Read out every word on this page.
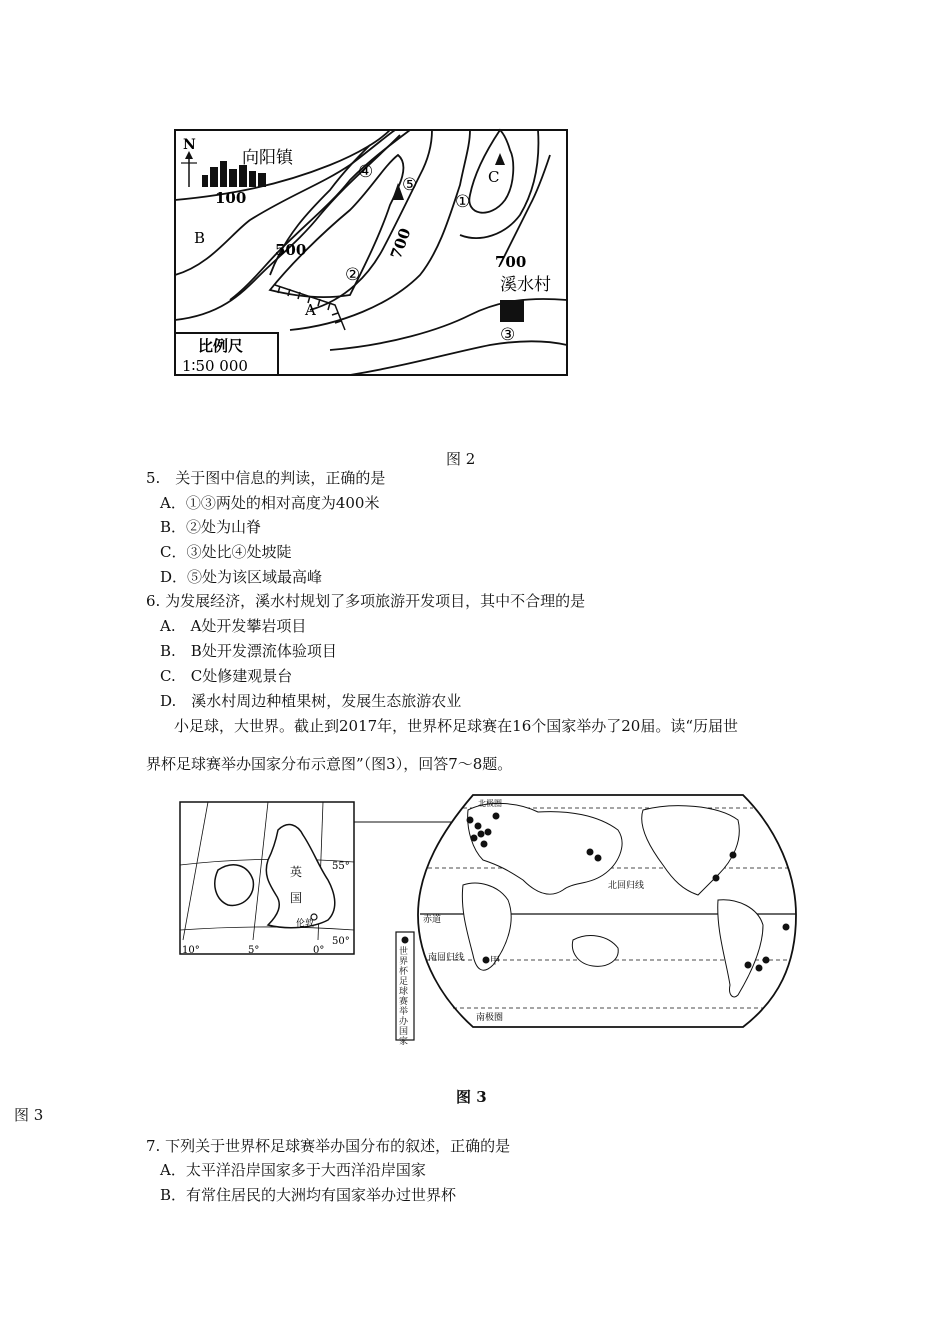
N
向阳镇
溪水村
100
500	700
700
B
A
C
①
②
③
④
⑤
比例尺
1∶50 000
图 2
5.　关于图中信息的判读，正确的是
A．①③两处的相对高度为400米
B．②处为山脊
C．③处比④处坡陡
D．⑤处为该区域最高峰
6. 为发展经济，溪水村规划了多项旅游开发项目，其中不合理的是
A.　A处开发攀岩项目
B.　B处开发漂流体验项目
C.　C处修建观景台
D.　溪水村周边种植果树，发展生态旅游农业
小足球，大世界。截止到2017年，世界杯足球赛在16个国家举办了20届。读“历届世
界杯足球赛举办国家分布示意图”（图3），回答7～8题。
英
国
伦敦
55°
50°
10°	5°	0°
北极圈
北回归线
赤道
南回归线
南极圈
甲
世界杯足球赛举办国家
图 3
图 3
7. 下列关于世界杯足球赛举办国分布的叙述，正确的是
A．太平洋沿岸国家多于大西洋沿岸国家
B．有常住居民的大洲均有国家举办过世界杯
